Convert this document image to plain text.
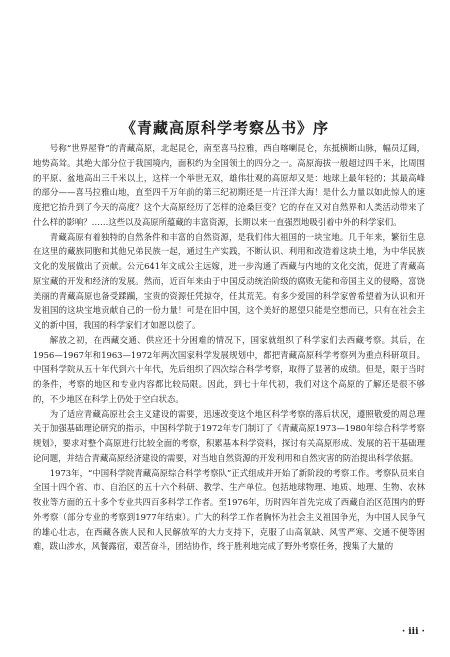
《青藏高原科学考察丛书》序

号称“世界屋脊”的青藏高原，北起昆仑，南至喜马拉雅，西自喀喇昆仑，东抵横断山脉，幅员辽阔，地势高耸。其绝大部分位于我国境内，面积约为全国领土的四分之一。高原海拔一般超过四千米，比周围的平原、盆地高出三千米以上，这样一个举世无双，雄伟壮观的高原却又是：地球上最年轻的；其最高峰的部分——喜马拉雅山地，直至四千万年前的第三纪初期还是一片汪洋大海！是什么力量以如此惊人的速度把它抬升到了今天的高度？这个大高原经历了怎样的沧桑巨变？它的存在又对自然界和人类活动带来了什么样的影响？……这些以及高原所蕴藏的丰富资源，长期以来一直强烈地吸引着中外的科学家们。

青藏高原有着独特的自然条件和丰富的自然资源，是我们伟大祖国的一块宝地。几千年来，繁衍生息在这里的藏族同胞和其他兄弟民族一起，通过生产实践，不断认识、利用和改造着这块土地，为中华民族文化的发展做出了贡献。公元641年文成公主远嫁，进一步沟通了西藏与内地的文化交流，促进了青藏高原宝藏的开发和经济的发展。然而，近百年来由于中国反动统治阶级的腐败无能和帝国主义的侵略，富饶美丽的青藏高原也备受蹂躏，宝贵的资源任凭掠夺，任其荒芜。有多少爱国的科学家曾希望着为认识和开发祖国的这块宝地贡献自己的一份力量！可是在旧中国，这个美好的愿望只能是空想而已，只有在社会主义的新中国，我国的科学家们才如愿以偿了。

解放之初，在西藏交通、供应还十分困难的情况下，国家就组织了科学家们去西藏考察。其后，在1956—1967年和1963—1972年两次国家科学发展规划中，都把青藏高原科学考察列为重点科研项目。中国科学院从五十年代到六十年代，先后组织了四次综合科学考察，取得了显著的成绩。但是，限于当时的条件，考察的地区和专业内容都比较局限。因此，到七十年代初，我们对这个高原的了解还是很不够的，不少地区在科学上仍处于空白状态。

为了适应青藏高原社会主义建设的需要，迅速改变这个地区科学考察的落后状况，遵照敬爱的周总理关于加强基础理论研究的指示，中国科学院于1972年专门制订了《青藏高原1973—1980年综合科学考察规划》，要求对整个高原进行比较全面的考察，积累基本科学资料，探讨有关高原形成、发展的若干基础理论问题，并结合青藏高原经济建设的需要，对当地自然资源的开发利用和自然灾害的防治提出科学依据。

1973年，“中国科学院青藏高原综合科学考察队”正式组成并开始了新阶段的考察工作。考察队员来自全国十四个省、市、自治区的五十六个科研、教学、生产单位。包括地球物理、地质、地理、生物、农林牧业等方面的五十多个专业共四百多科学工作者。至1976年，历时四年首先完成了西藏自治区范围内的野外考察（部分专业的考察到1977年结束）。广大的科学工作者胸怀为社会主义祖国争光，为中国人民争气的雄心壮志，在西藏各族人民和人民解放军的大力支持下，克服了山高氧缺、风雪严寒、交通不便等困难，跋山涉水，风餐露宿，艰苦奋斗，团结协作，终于胜利地完成了野外考察任务，搜集了大量的

· iii ·
